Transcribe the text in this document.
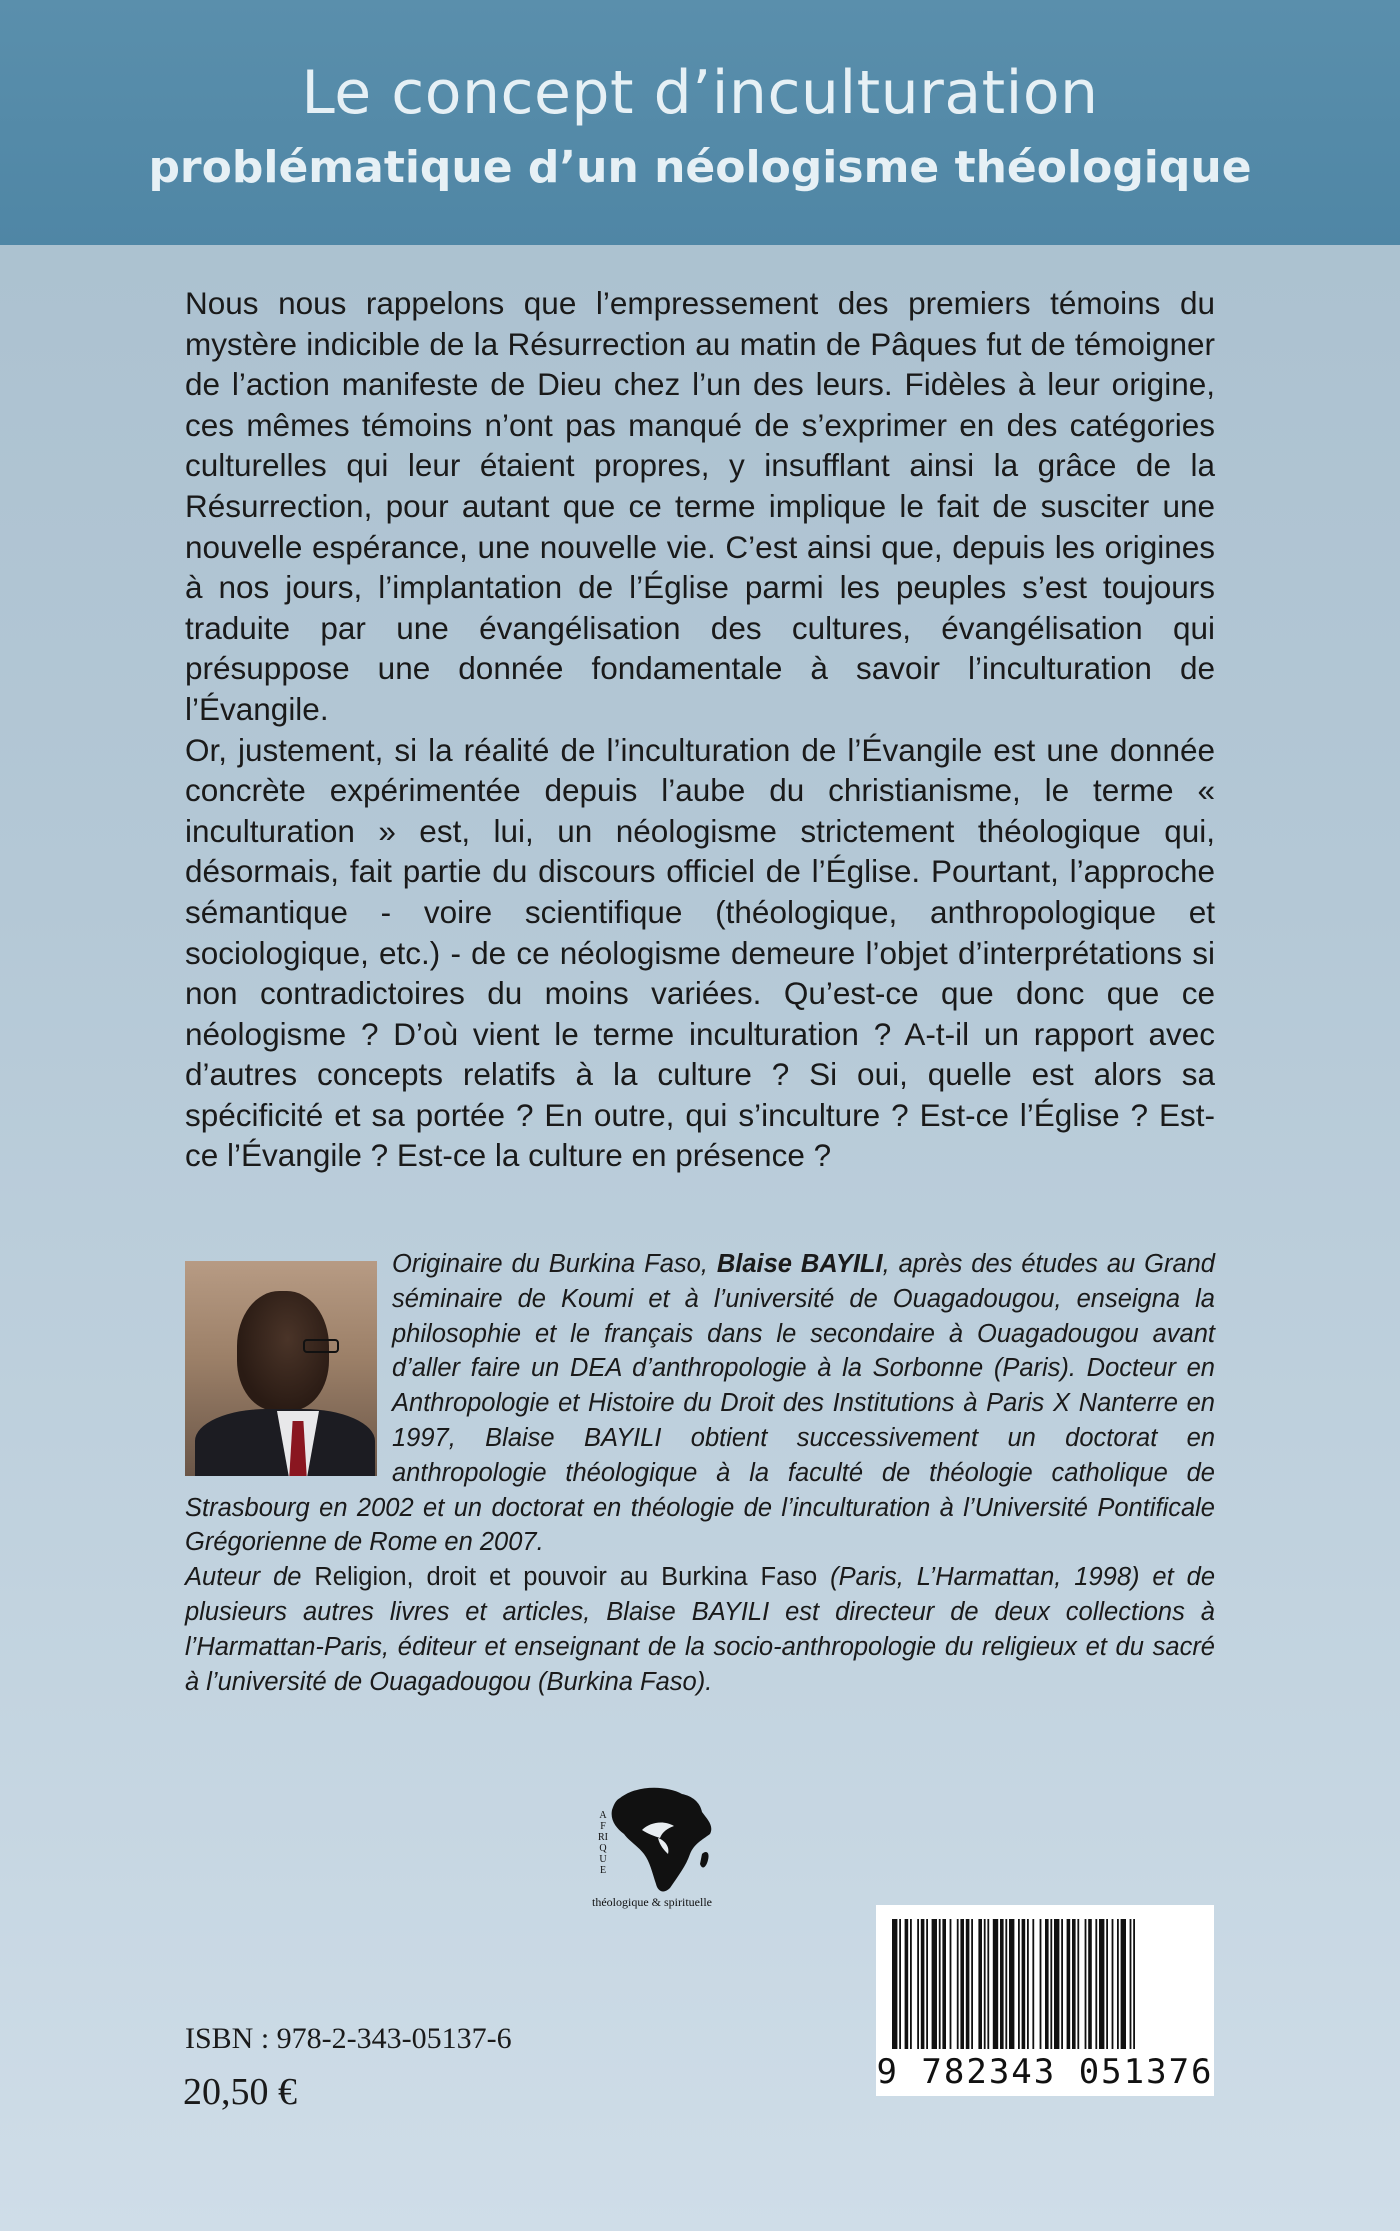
Le concept d’inculturation
problématique d’un néologisme théologique

Nous nous rappelons que l’empressement des premiers témoins du mystère indicible de la Résurrection au matin de Pâques fut de témoigner de l’action manifeste de Dieu chez l’un des leurs. Fidèles à leur origine, ces mêmes témoins n’ont pas manqué de s’exprimer en des catégories culturelles qui leur étaient propres, y insufflant ainsi la grâce de la Résurrection, pour autant que ce terme implique le fait de susciter une nouvelle espérance, une nouvelle vie. C’est ainsi que, depuis les origines à nos jours, l’implantation de l’Église parmi les peuples s’est toujours traduite par une évangélisation des cultures, évangélisation qui présuppose une donnée fondamentale à savoir l’inculturation de l’Évangile.

Or, justement, si la réalité de l’inculturation de l’Évangile est une donnée concrète expérimentée depuis l’aube du christianisme, le terme « inculturation » est, lui, un néologisme strictement théologique qui, désormais, fait partie du discours officiel de l’Église. Pourtant, l’approche sémantique - voire scientifique (théologique, anthropologique et sociologique, etc.) - de ce néologisme demeure l’objet d’interprétations si non contradictoires du moins variées. Qu’est-ce que donc que ce néologisme ? D’où vient le terme inculturation ? A-t-il un rapport avec d’autres concepts relatifs à la culture ? Si oui, quelle est alors sa spécificité et sa portée ? En outre, qui s’inculture ? Est-ce l’Église ? Est-ce l’Évangile ? Est-ce la culture en présence ?

Originaire du Burkina Faso, Blaise BAYILI, après des études au Grand séminaire de Koumi et à l’université de Ouagadougou, enseigna la philosophie et le français dans le secondaire à Ouagadougou avant d’aller faire un DEA d’anthropologie à la Sorbonne (Paris). Docteur en Anthropologie et Histoire du Droit des Institutions à Paris X Nanterre en 1997, Blaise BAYILI obtient successivement un doctorat en anthropologie théologique à la faculté de théologie catholique de Strasbourg en 2002 et un doctorat en théologie de l’inculturation à l’Université Pontificale Grégorienne de Rome en 2007.
Auteur de Religion, droit et pouvoir au Burkina Faso (Paris, L’Harmattan, 1998) et de plusieurs autres livres et articles, Blaise BAYILI est directeur de deux collections à l’Harmattan-Paris, éditeur et enseignant de la socio-anthropologie du religieux et du sacré à l’université de Ouagadougou (Burkina Faso).
AFRIQUE
théologique & spirituelle
9 782343 051376
ISBN : 978-2-343-05137-6
20,50 €
